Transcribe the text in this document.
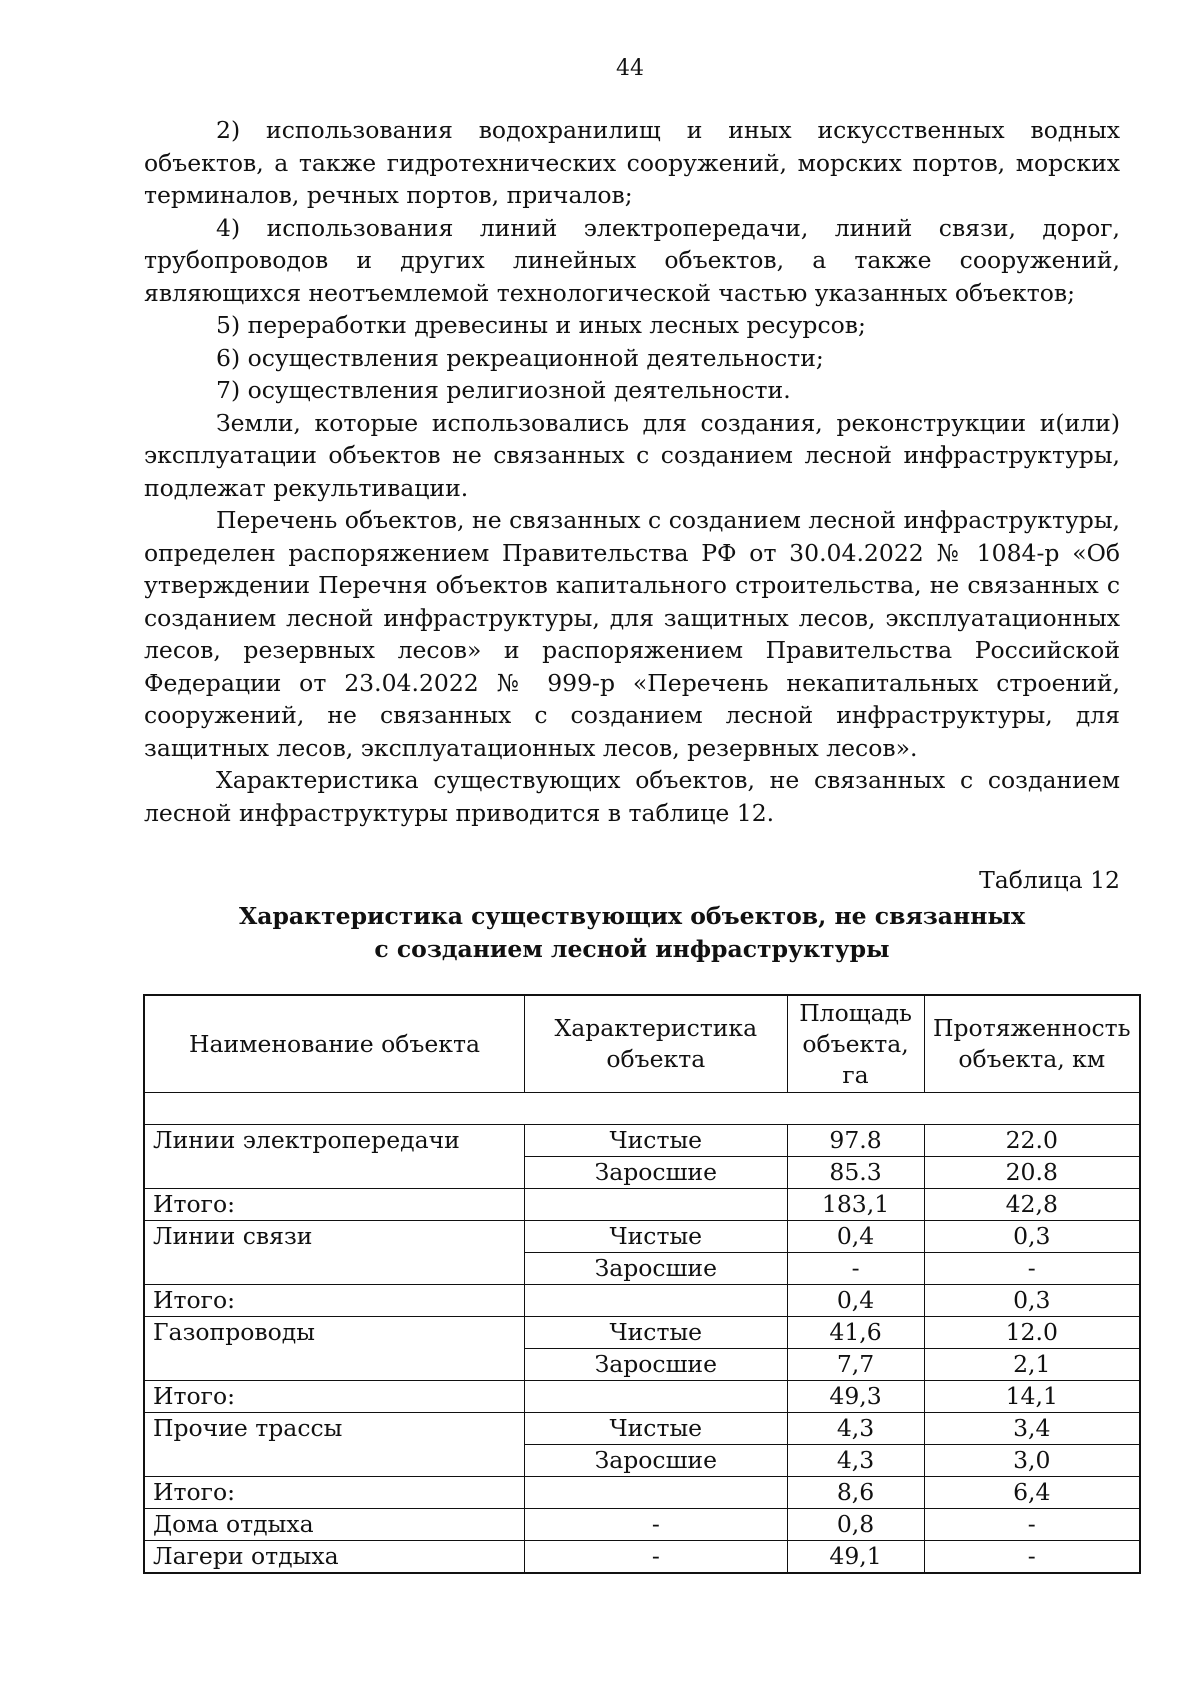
44

2) использования водохранилищ и иных искусственных водных объектов, а также гидротехнических сооружений, морских портов, морских терминалов, речных портов, причалов;

4) использования линий электропередачи, линий связи, дорог, трубопроводов и других линейных объектов, а также сооружений, являющихся неотъемлемой технологической частью указанных объектов;

5) переработки древесины и иных лесных ресурсов;

6) осуществления рекреационной деятельности;

7) осуществления религиозной деятельности.

Земли, которые использовались для создания, реконструкции и(или) эксплуатации объектов не связанных с созданием лесной инфраструктуры, подлежат рекультивации.

Перечень объектов, не связанных с созданием лесной инфраструктуры, определен распоряжением Правительства РФ от 30.04.2022 № 1084-р «Об утверждении Перечня объектов капитального строительства, не связанных с созданием лесной инфраструктуры, для защитных лесов, эксплуатационных лесов, резервных лесов» и распоряжением Правительства Российской Федерации от 23.04.2022 № 999-р «Перечень некапитальных строений, сооружений, не связанных с созданием лесной инфраструктуры, для защитных лесов, эксплуатационных лесов, резервных лесов».

Характеристика существующих объектов, не связанных с созданием лесной инфраструктуры приводится в таблице 12.

Таблица 12
Характеристика существующих объектов, не связанных
с созданием лесной инфраструктуры
Наименование объекта	Характеристика объекта	Площадь объекта, га	Протяженность объекта, км

Линии электропередачи	Чистые	97.8	22.0
	Заросшие	85.3	20.8
Итого:		183,1	42,8
Линии связи	Чистые	0,4	0,3
	Заросшие	-	-
Итого:		0,4	0,3
Газопроводы	Чистые	41,6	12.0
	Заросшие	7,7	2,1
Итого:		49,3	14,1
Прочие трассы	Чистые	4,3	3,4
	Заросшие	4,3	3,0
Итого:		8,6	6,4
Дома отдыха	-	0,8	-
Лагери отдыха	-	49,1	-
